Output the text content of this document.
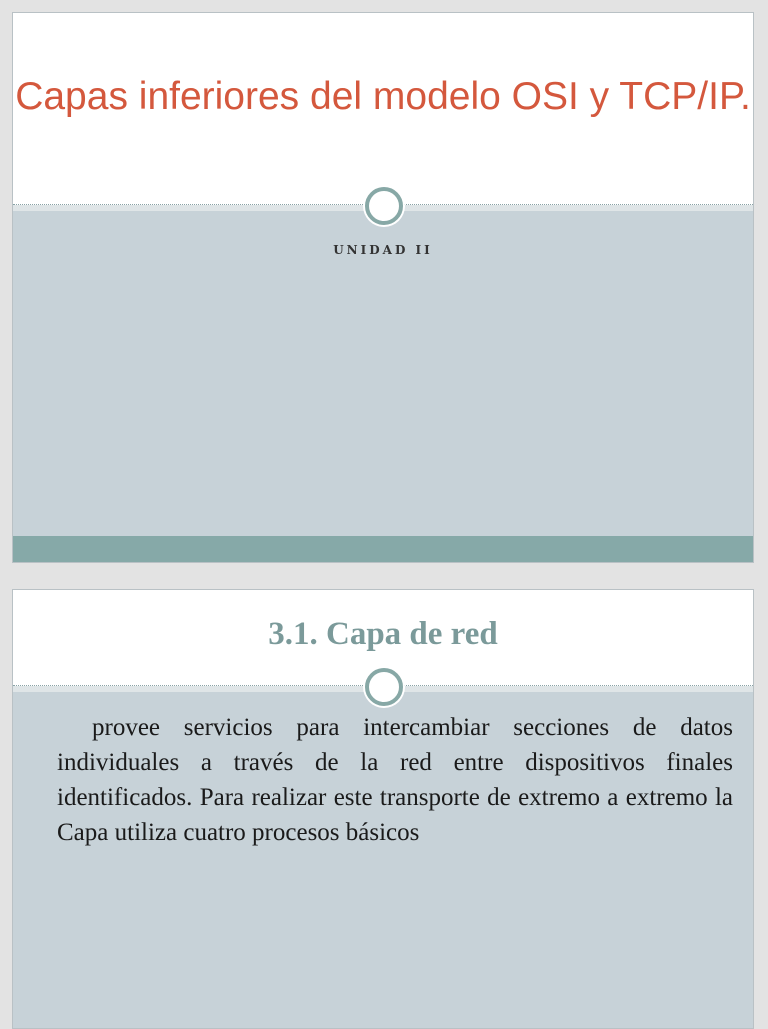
Capas inferiores del modelo OSI y TCP/IP.
UNIDAD II
3.1. Capa de red

provee servicios para intercambiar secciones de datos individuales a través de la red entre dispositivos finales identificados. Para realizar este transporte de extremo a extremo la Capa utiliza cuatro procesos básicos
